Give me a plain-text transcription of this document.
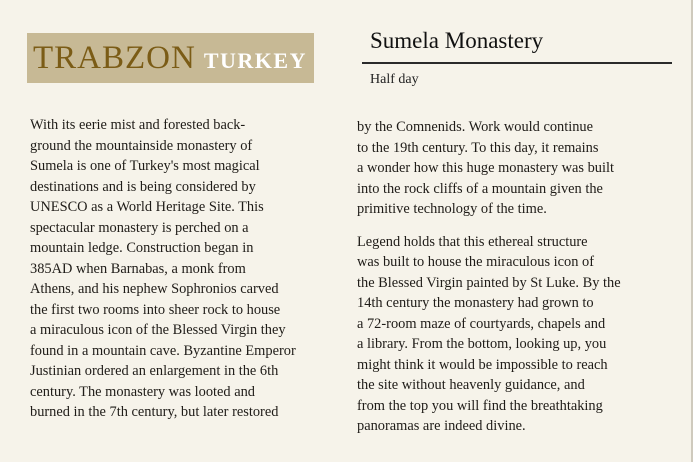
TRABZON TURKEY
Sumela Monastery
Half day
With its eerie mist and forested back-
ground the mountainside monastery of
Sumela is one of Turkey's most magical
destinations and is being considered by
UNESCO as a World Heritage Site. This
spectacular monastery is perched on a
mountain ledge. Construction began in
385AD when Barnabas, a monk from
Athens, and his nephew Sophronios carved
the first two rooms into sheer rock to house
a miraculous icon of the Blessed Virgin they
found in a mountain cave. Byzantine Emperor
Justinian ordered an enlargement in the 6th
century. The monastery was looted and
burned in the 7th century, but later restored
by the Comnenids. Work would continue
to the 19th century. To this day, it remains
a wonder how this huge monastery was built
into the rock cliffs of a mountain given the
primitive technology of the time.
Legend holds that this ethereal structure
was built to house the miraculous icon of
the Blessed Virgin painted by St Luke. By the
14th century the monastery had grown to
a 72-room maze of courtyards, chapels and
a library. From the bottom, looking up, you
might think it would be impossible to reach
the site without heavenly guidance, and
from the top you will find the breathtaking
panoramas are indeed divine.
